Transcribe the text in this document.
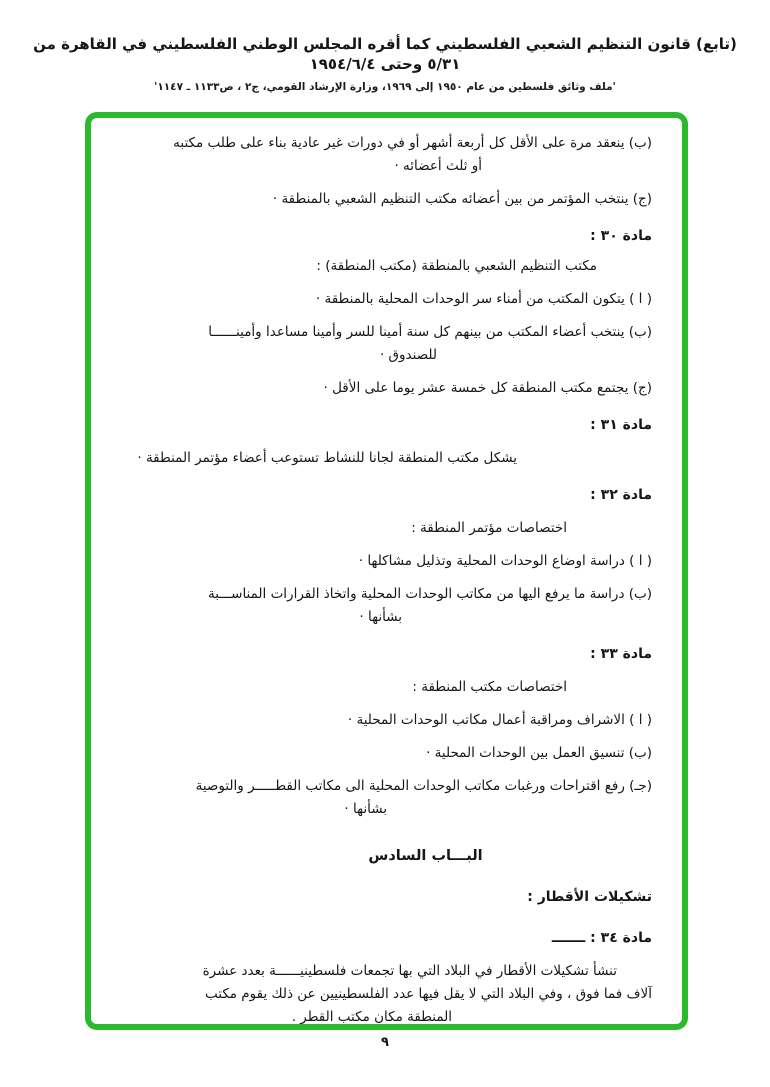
(تابع) قانون التنظيم الشعبي الفلسطيني كما أقره المجلس الوطني الفلسطيني في القاهرة من ٥/٣١ وحتى ١٩٥٤/٦/٤
'ملف وثائق فلسطين من عام ١٩٥٠ إلى ١٩٦٩، وزارة الإرشاد القومي، ج٢ ، ص١١٣٣ ـ ١١٤٧'
(ب) ينعقد مرة على الأقل كل أربعة أشهر أو في دورات غير عادية بناء على طلب مكتبه
أو ثلث أعضائه ·
(ج) ينتخب المؤتمر من بين أعضائه مكتب التنظيم الشعبي بالمنطقة ·
مادة ٣٠ :
مكتب التنظيم الشعبي بالمنطقة (مكتب المنطقة) :
( ا ) يتكون المكتب من أمناء سر الوحدات المحلية بالمنطقة ·
(ب) ينتخب أعضاء المكتب من بينهم كل سنة أمينا للسر وأمينا مساعدا وأمينــــــا
للصندوق ·
(ج) يجتمع مكتب المنطقة كل خمسة عشر يوما على الأقل ·
مادة ٣١ :
يشكل مكتب المنطقة لجانا للنشاط تستوعب أعضاء مؤتمر المنطقة ·
مادة ٣٢ :
اختصاصات مؤتمر المنطقة :
( ا ) دراسة اوضاع الوحدات المحلية وتذليل مشاكلها ·
(ب) دراسة ما يرفع اليها من مكاتب الوحدات المحلية واتخاذ القرارات المناســـبة
بشأنها ·
مادة ٣٣ :
اختصاصات مكتب المنطقة :
( ا ) الاشراف ومراقبة أعمال مكاتب الوحدات المحلية ·
(ب) تنسيق العمل بين الوحدات المحلية ·
(جـ) رفع اقتراحات ورغبات مكاتب الوحدات المحلية الى مكاتب القطـــــر والتوصية
بشأنها ·
البـــاب السادس
تشكيلات الأقطار :
مادة ٣٤ : ـــــــ
تنشأ تشكيلات الأقطار في البلاد التي بها تجمعات فلسطينيــــــة بعدد عشرة
آلاف فما فوق ، وفي البلاد التي لا يقل فيها عدد الفلسطينيين عن ذلك يقوم مكتب
المنطقة مكان مكتب القطر .
٩
